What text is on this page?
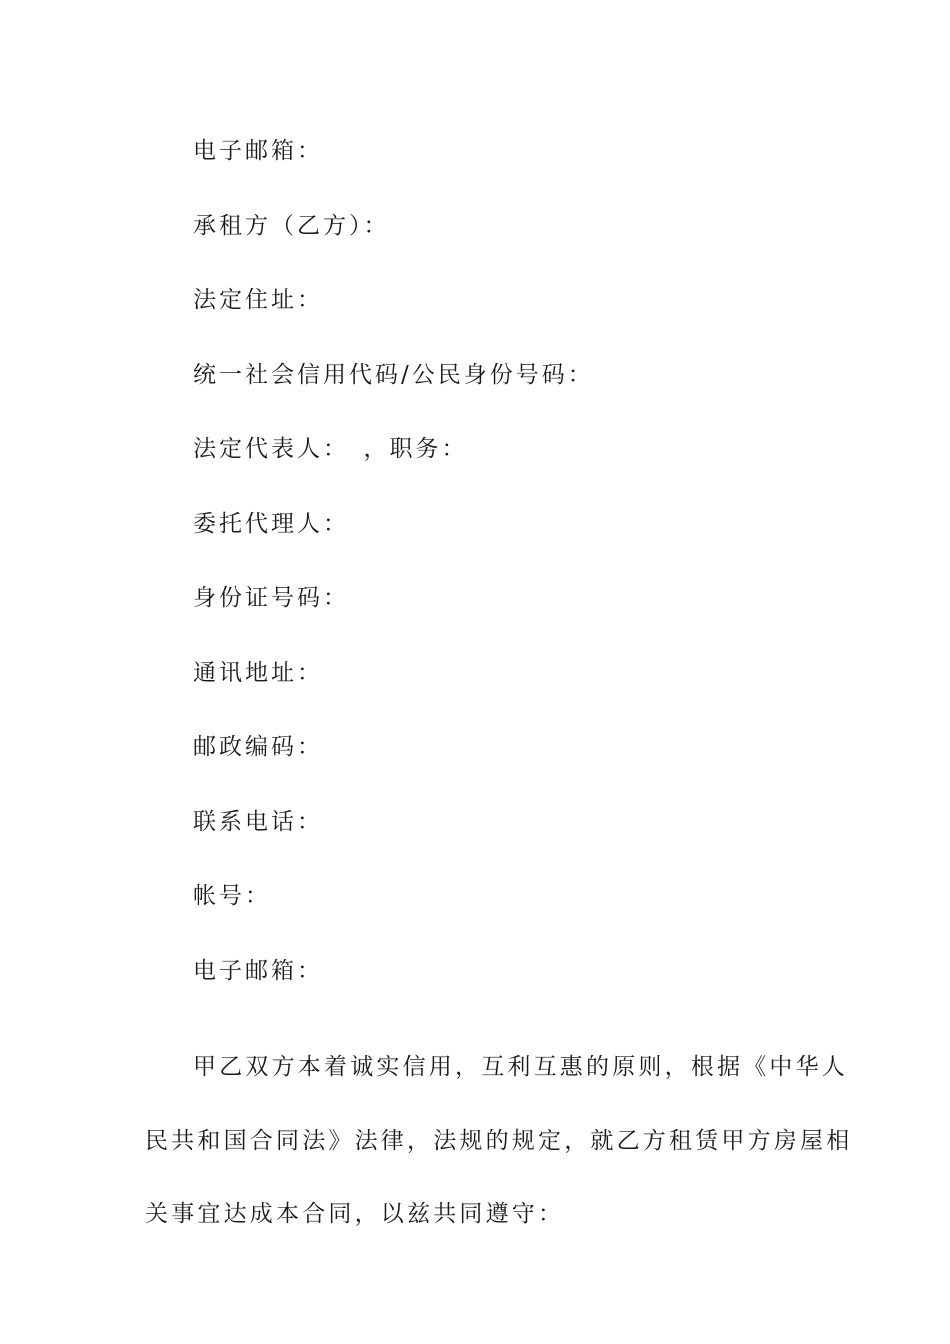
电子邮箱：
承租方（乙方）：
法定住址：
统一社会信用代码/公民身份号码：
法定代表人：　，职务：
委托代理人：
身份证号码：
通讯地址：
邮政编码：
联系电话：
帐号：
电子邮箱：

甲乙双方本着诚实信用，互利互惠的原则，根据《中华人
民共和国合同法》法律，法规的规定，就乙方租赁甲方房屋相
关事宜达成本合同，以兹共同遵守：
